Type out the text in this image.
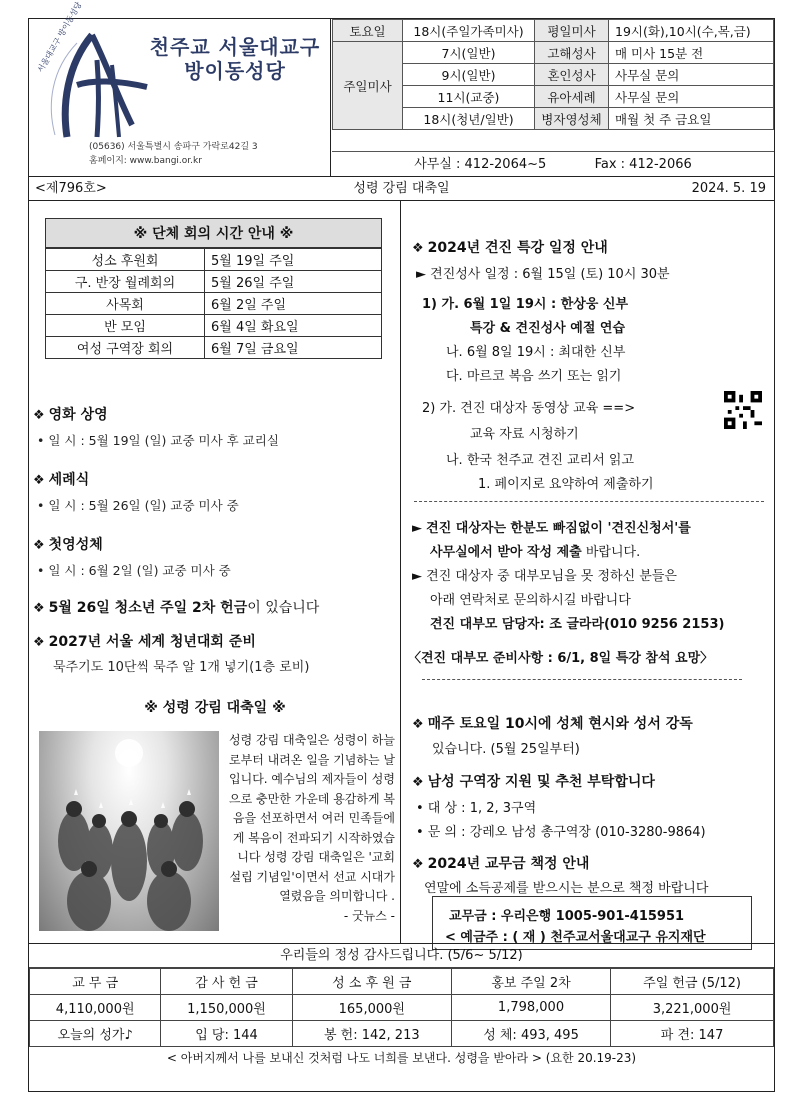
천주교 서울대교구
방이동성당
서울대교구 방이동성당
(05636) 서울특별시 송파구 가락로42길 3
홈페이지: www.bangi.or.kr
토요일	18시(주일가족미사)	평일미사	19시(화),10시(수,목,금)
주일미사	7시(일반)	고해성사	매 미사 15분 전
	9시(일반)	혼인성사	사무실 문의
	11시(교중)	유아세례	사무실 문의
	18시(청년/일반)	병자영성체	매월 첫 주 금요일
사무실 : 412-2064~5	Fax : 412-2066
<제796호>	성령 강림 대축일	2024. 5. 19
※ 단체 회의 시간 안내 ※
성소 후원회	5월 19일 주일
구. 반장 월례회의	5월 26일 주일
사목회	6월 2일 주일
반 모임	6월 4일 화요일
여성 구역장 회의	6월 7일 금요일
❖ 영화 상영
• 일 시 : 5월 19일 (일) 교중 미사 후 교리실
❖ 세례식
• 일 시 : 5월 26일 (일) 교중 미사 중
❖ 첫영성체
• 일 시 : 6월 2일 (일) 교중 미사 중
❖ 5월 26일 청소년 주일 2차 헌금이 있습니다
❖ 2027년 서울 세계 청년대회 준비
묵주기도 10단씩 묵주 알 1개 넣기(1층 로비)
※ 성령 강림 대축일 ※
성령 강림 대축일은 성령이 하늘로부터 내려온 일을 기념하는 날입니다. 예수님의 제자들이 성령으로 충만한 가운데 용감하게 복음을 선포하면서 여러 민족들에게 복음이 전파되기 시작하였습니다 성령 강림 대축일은 '교회 설립 기념일'이면서 선교 시대가 열렸음을 의미합니다 .
- 굿뉴스 -
❖ 2024년 견진 특강 일정 안내
► 견진성사 일정 : 6월 15일 (토) 10시 30분
1) 가. 6월 1일 19시 : 한상웅 신부
특강 & 견진성사 예절 연습
나. 6월 8일 19시 : 최대한 신부
다. 마르코 복음 쓰기 또는 읽기
2) 가. 견진 대상자 동영상 교육 ==>
교육 자료 시청하기
나. 한국 천주교 견진 교리서 읽고
1. 페이지로 요약하여 제출하기
► 견진 대상자는 한분도 빠짐없이 '견진신청서'를
사무실에서 받아 작성 제출 바랍니다.
► 견진 대상자 중 대부모님을 못 정하신 분들은
아래 연락처로 문의하시길 바랍니다
견진 대부모 담당자: 조 글라라(010 9256 2153)
〈견진 대부모 준비사항 : 6/1, 8일 특강 참석 요망〉
❖ 매주 토요일 10시에 성체 현시와 성서 강독
있습니다. (5월 25일부터)
❖ 남성 구역장 지원 및 추천 부탁합니다
• 대 상 : 1, 2, 3구역
• 문 의 : 강레오 남성 총구역장 (010-3280-9864)
❖ 2024년 교무금 책정 안내
연말에 소득공제를 받으시는 분으로 책정 바랍니다
교무금 : 우리은행 1005-901-415951
< 예금주 : ( 재 ) 천주교서울대교구 유지재단
우리들의 정성 감사드립니다. (5/6~ 5/12)
교 무 금	감 사 헌 금	성 소 후 원 금	홍보 주일 2차	주일 헌금 (5/12)
4,110,000원	1,150,000원	165,000원	1,798,000	3,221,000원
오늘의 성가♪	입 당: 144	봉 헌: 142, 213	성 체: 493, 495	파 견: 147
< 아버지께서 나를 보내신 것처럼 나도 너희를 보낸다. 성령을 받아라 > (요한 20.19-23)
